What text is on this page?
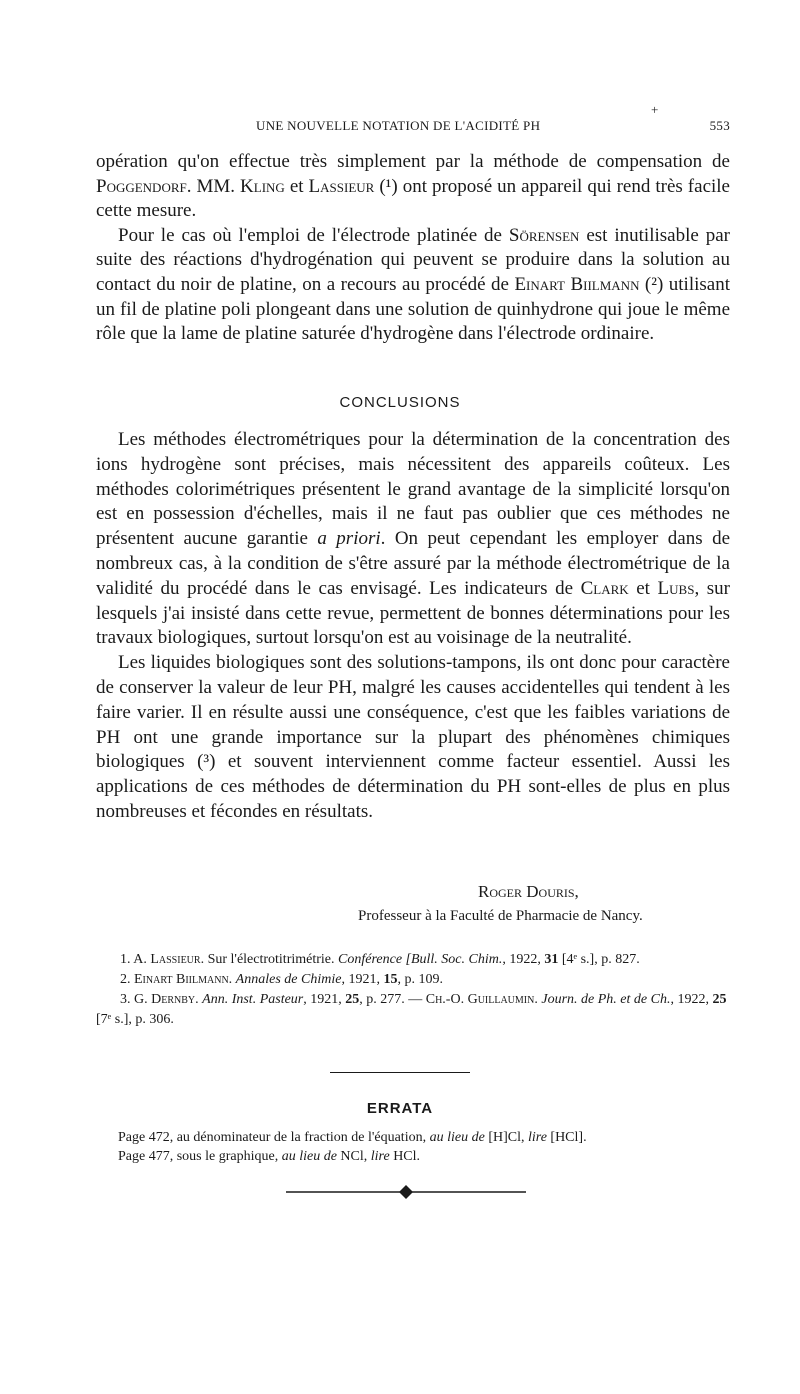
UNE NOUVELLE NOTATION DE L'ACIDITÉ PH
+
553

opération qu'on effectue très simplement par la méthode de compensation de Poggendorf. MM. Kling et Lassieur (¹) ont proposé un appareil qui rend très facile cette mesure.

Pour le cas où l'emploi de l'électrode platinée de Sörensen est inutilisable par suite des réactions d'hydrogénation qui peuvent se produire dans la solution au contact du noir de platine, on a recours au procédé de Einart Biilmann (²) utilisant un fil de platine poli plongeant dans une solution de quinhydrone qui joue le même rôle que la lame de platine saturée d'hydrogène dans l'électrode ordinaire.

CONCLUSIONS

Les méthodes électrométriques pour la détermination de la concentration des ions hydrogène sont précises, mais nécessitent des appareils coûteux. Les méthodes colorimétriques présentent le grand avantage de la simplicité lorsqu'on est en possession d'échelles, mais il ne faut pas oublier que ces méthodes ne présentent aucune garantie a priori. On peut cependant les employer dans de nombreux cas, à la condition de s'être assuré par la méthode électrométrique de la validité du procédé dans le cas envisagé. Les indicateurs de Clark et Lubs, sur lesquels j'ai insisté dans cette revue, permettent de bonnes déterminations pour les travaux biologiques, surtout lorsqu'on est au voisinage de la neutralité.

Les liquides biologiques sont des solutions-tampons, ils ont donc pour caractère de conserver la valeur de leur PH, malgré les causes accidentelles qui tendent à les faire varier. Il en résulte aussi une conséquence, c'est que les faibles variations de PH ont une grande importance sur la plupart des phénomènes chimiques biologiques (³) et souvent interviennent comme facteur essentiel. Aussi les applications de ces méthodes de détermination du PH sont-elles de plus en plus nombreuses et fécondes en résultats.

Roger Douris,
Professeur à la Faculté de Pharmacie de Nancy.

1. A. Lassieur. Sur l'électrotitrimétrie. Conférence [Bull. Soc. Chim., 1922, 31 [4ᵉ s.], p. 827.

2. Einart Biilmann. Annales de Chimie, 1921, 15, p. 109.

3. G. Dernby. Ann. Inst. Pasteur, 1921, 25, p. 277. — Ch.-O. Guillaumin. Journ. de Ph. et de Ch., 1922, 25 [7ᵉ s.], p. 306.

ERRATA

Page 472, au dénominateur de la fraction de l'équation, au lieu de [H]Cl, lire [HCl].

Page 477, sous le graphique, au lieu de NCl, lire HCl.
